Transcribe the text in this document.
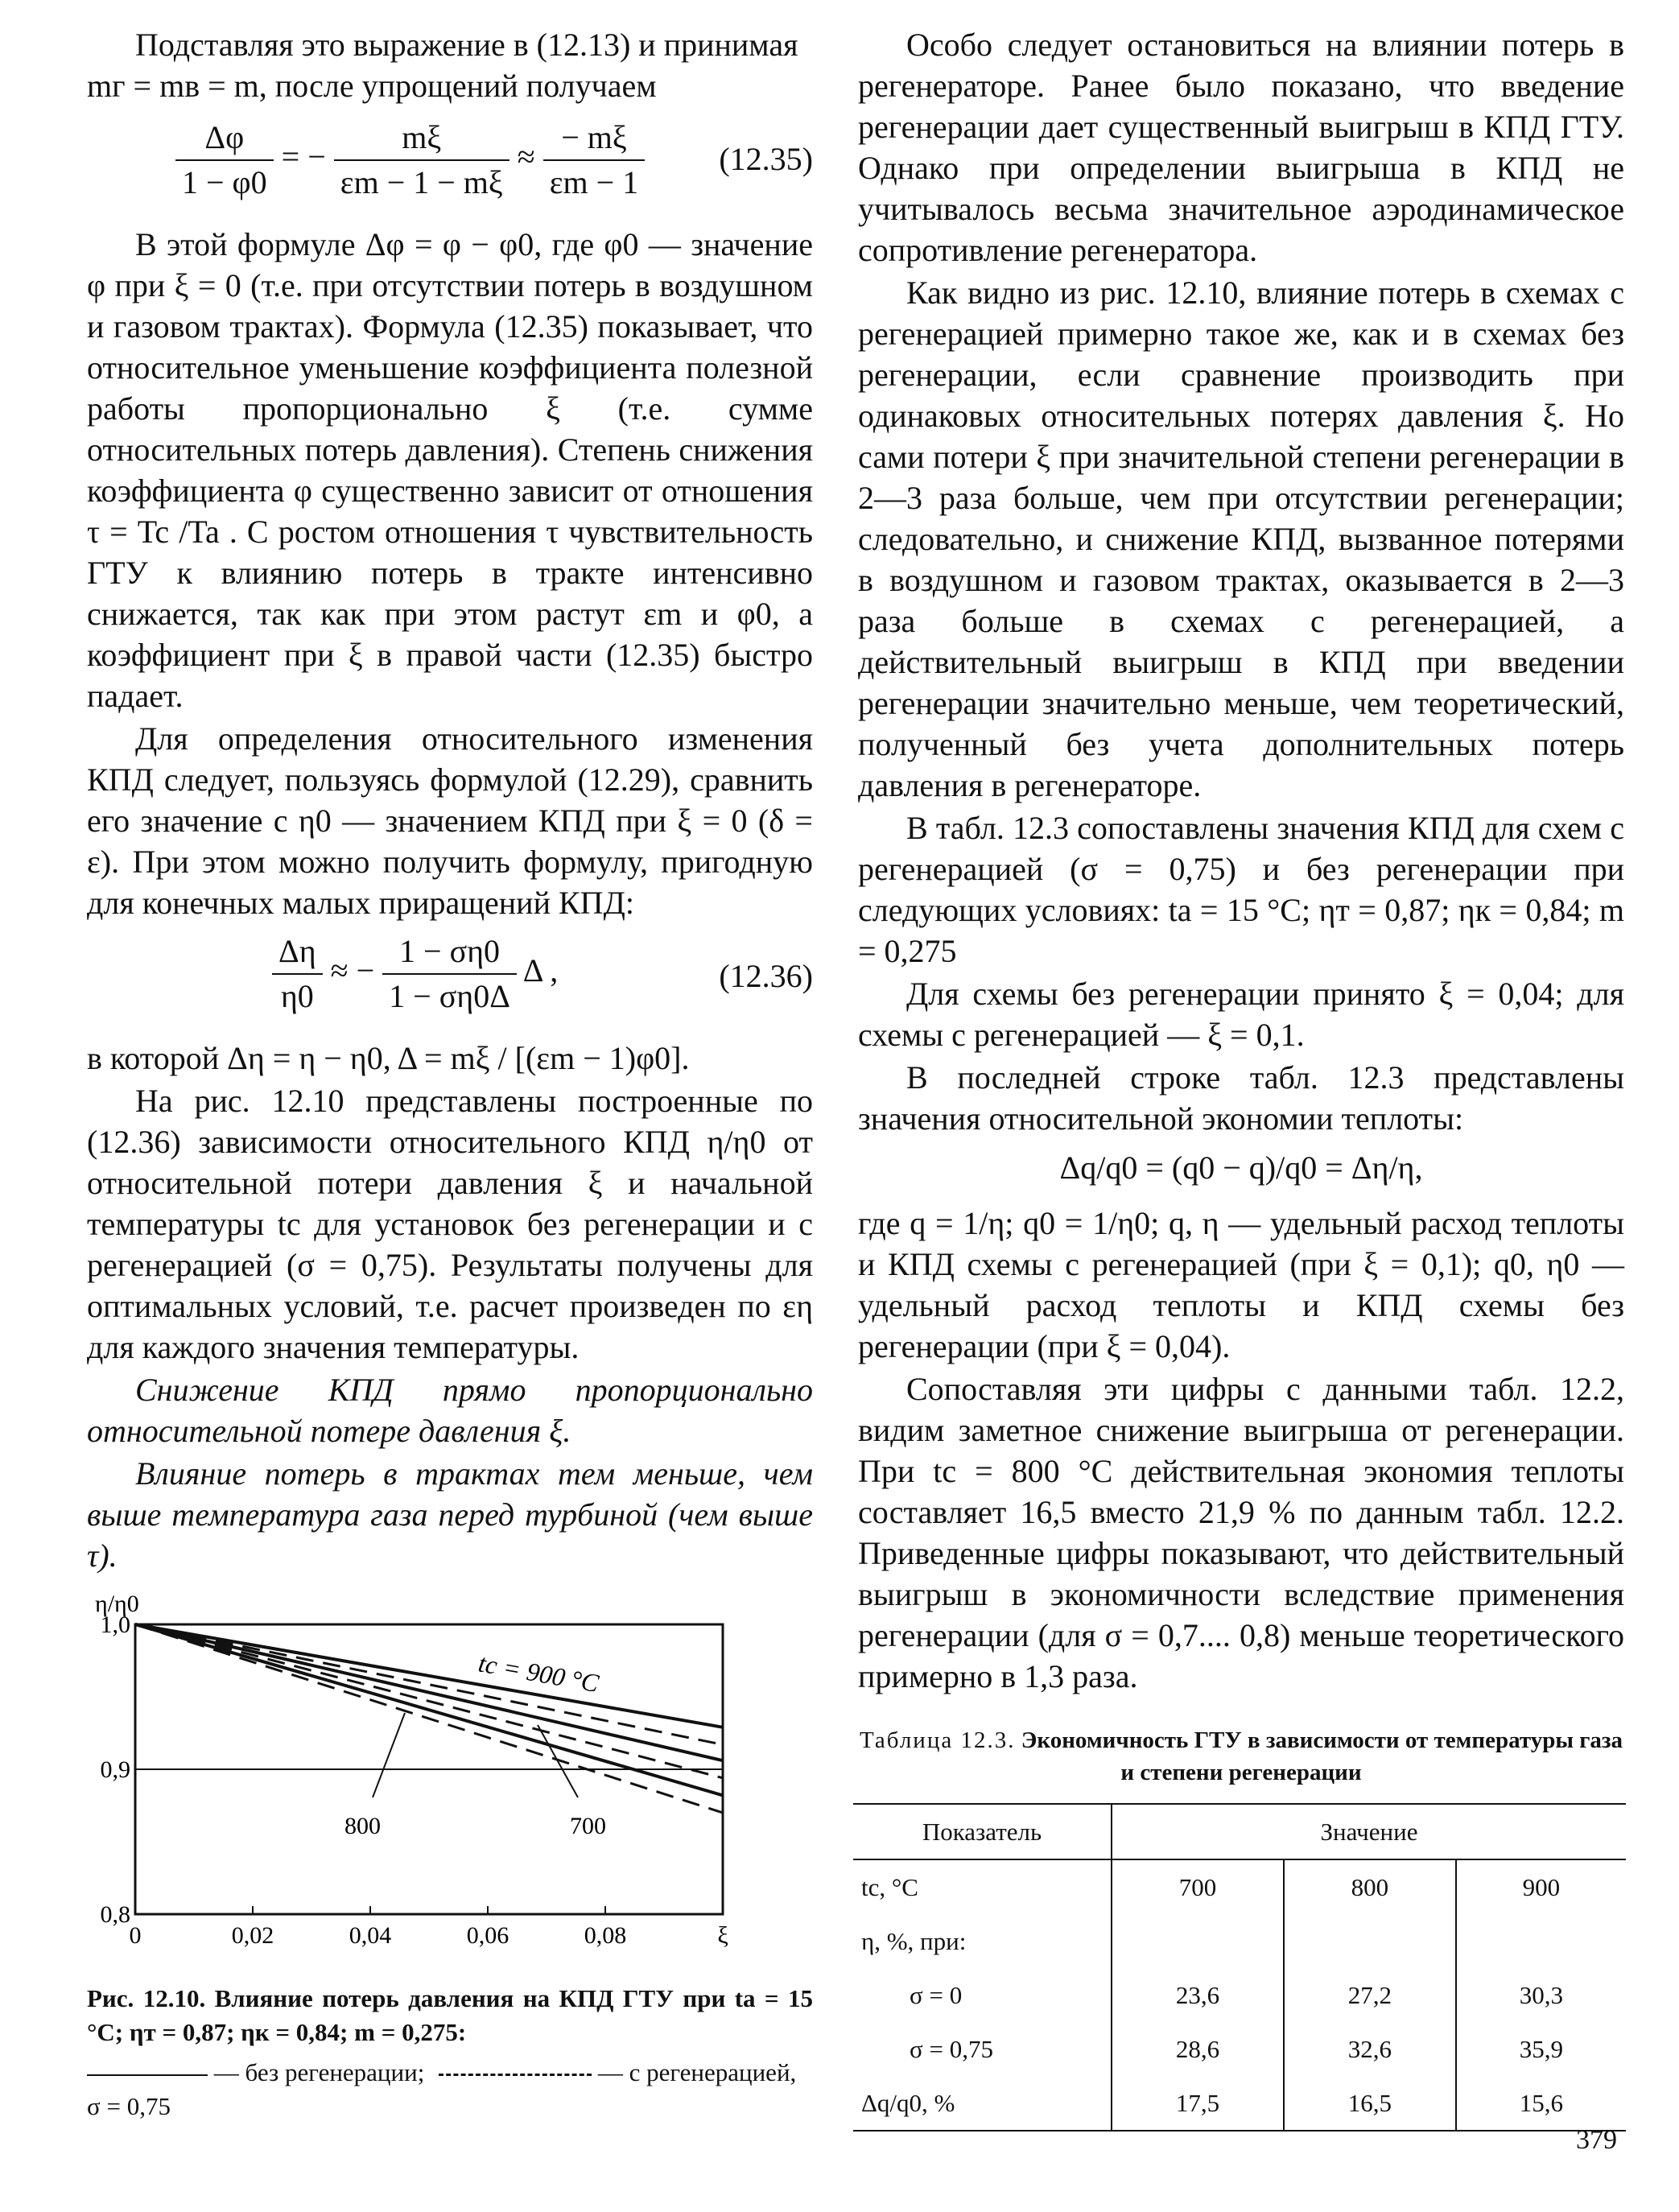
Подставляя это выражение в (12.13) и принимая

mг = mв = m, после упрощений получаем

$\frac{\Delta\varphi}{1 - \varphi 0}$ = − $\frac{m\xi}{\varepsilon m - 1 - m\xi} \approx \frac{- m\xi}{\varepsilon m - 1} (12.35)$

В этой формуле Δφ = φ − φ0, где φ0 — значение φ при ξ = 0 (т.е. при отсутствии потерь в воздушном и газовом трактах). Формула (12.35) показывает, что относительное уменьшение коэффициента полезной работы пропорционально ξ (т.е. сумме относительных потерь давления). Степень снижения коэффициента φ существенно зависит от отношения τ = Tc /Ta . С ростом отношения τ чувствительность ГТУ к влиянию потерь в тракте интенсивно снижается, так как при этом растут εm и φ0, а коэффициент при ξ в правой части (12.35) быстро падает.

Для определения относительного изменения КПД следует, пользуясь формулой (12.29), сравнить его значение с η0 — значением КПД при ξ = 0 (δ = ε). При этом можно получить формулу, пригодную для конечных малых приращений КПД:

$\frac{\Delta\eta}{\eta 0}$ ≈ − $\frac{1 - \sigma\eta 0}{1 - \sigma\eta 0\Delta}$ Δ ,	(12.36)

в которой Δη = η − η0, Δ = mξ / [(εm − 1)φ0].

На рис. 12.10 представлены построенные по (12.36) зависимости относительного КПД η/η0 от относительной потери давления ξ и начальной температуры tc для установок без регенерации и с регенерацией (σ = 0,75). Результаты получены для оптимальных условий, т.е. расчет произведен по εη для каждого значения температуры.

Снижение КПД прямо пропорционально относительной потере давления ξ.

Влияние потерь в трактах тем меньше, чем выше температура газа перед турбиной (чем выше τ).

0	0,02	0,04	0,06	0,08	ξ
1,0
0,9
0,8
η/η0
tc = 900 °C
800	700
Рис. 12.10. Влияние потерь давления на КПД ГТУ при ta = 15 °C; ηт = 0,87; ηк = 0,84; m = 0,275:
— без регенерации;	— с регенерацией,
σ = 0,75

Особо следует остановиться на влиянии потерь в регенераторе. Ранее было показано, что введение регенерации дает существенный выигрыш в КПД ГТУ. Однако при определении выигрыша в КПД не учитывалось весьма значительное аэродинамическое сопротивление регенератора.

Как видно из рис. 12.10, влияние потерь в схемах с регенерацией примерно такое же, как и в схемах без регенерации, если сравнение производить при одинаковых относительных потерях давления ξ. Но сами потери ξ при значительной степени регенерации в 2—3 раза больше, чем при отсутствии регенерации; следовательно, и снижение КПД, вызванное потерями в воздушном и газовом трактах, оказывается в 2—3 раза больше в схемах с регенерацией, а действительный выигрыш в КПД при введении регенерации значительно меньше, чем теоретический, полученный без учета дополнительных потерь давления в регенераторе.

В табл. 12.3 сопоставлены значения КПД для схем с регенерацией (σ = 0,75) и без регенерации при следующих условиях: ta = 15 °C; ηт = 0,87; ηк = 0,84; m = 0,275

Для схемы без регенерации принято ξ = 0,04; для схемы с регенерацией — ξ = 0,1.

В последней строке табл. 12.3 представлены значения относительной экономии теплоты:

Δq/q0 = (q0 − q)/q0 = Δη/η,

где q = 1/η; q0 = 1/η0; q, η — удельный расход теплоты и КПД схемы с регенерацией (при ξ = 0,1); q0, η0 — удельный расход теплоты и КПД схемы без регенерации (при ξ = 0,04).

Сопоставляя эти цифры с данными табл. 12.2, видим заметное снижение выигрыша от регенерации. При tc = 800 °C действительная экономия теплоты составляет 16,5 вместо 21,9 % по данным табл. 12.2. Приведенные цифры показывают, что действительный выигрыш в экономичности вследствие применения регенерации (для σ = 0,7.... 0,8) меньше теоретического примерно в 1,3 раза.

Таблица 12.3. Экономичность ГТУ в зависимости от температуры газа и степени регенерации
Показатель	Значение		
tc, °C	700	800	900
η, %, при:			
σ = 0	23,6	27,2	30,3
σ = 0,75	28,6	32,6	35,9
Δq/q0, %	17,5	16,5	15,6
379
